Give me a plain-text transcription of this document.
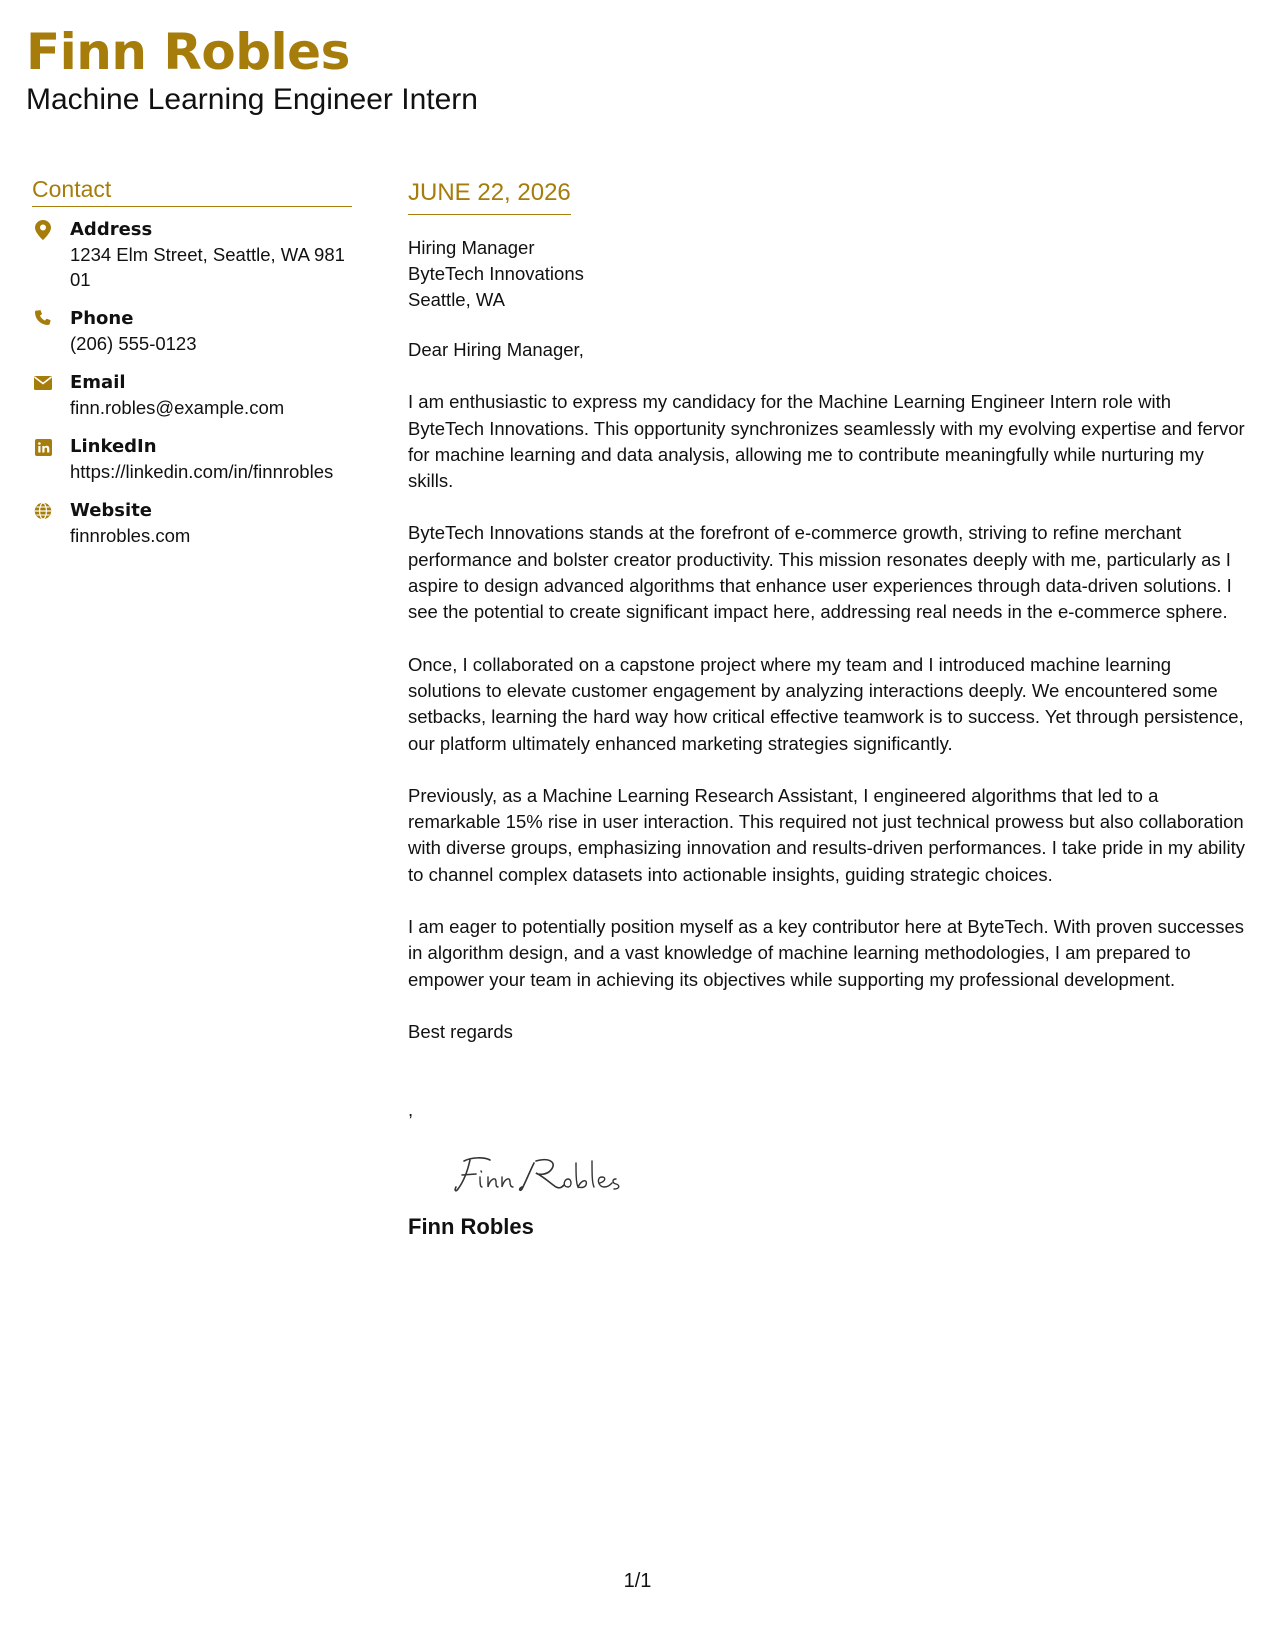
Finn Robles
Machine Learning Engineer Intern
Contact
Address
1234 Elm Street, Seattle, WA 98101
Phone
(206) 555-0123
Email
finn.robles@example.com
LinkedIn
https://linkedin.com/in/finnrobles
Website
finnrobles.com
JUNE 22, 2026
Hiring Manager
ByteTech Innovations
Seattle, WA

Dear Hiring Manager,

I am enthusiastic to express my candidacy for the Machine Learning Engineer Intern role with ByteTech Innovations. This opportunity synchronizes seamlessly with my evolving expertise and fervor for machine learning and data analysis, allowing me to contribute meaningfully while nurturing my skills.

ByteTech Innovations stands at the forefront of e-commerce growth, striving to refine merchant performance and bolster creator productivity. This mission resonates deeply with me, particularly as I aspire to design advanced algorithms that enhance user experiences through data-driven solutions. I see the potential to create significant impact here, addressing real needs in the e-commerce sphere.

Once, I collaborated on a capstone project where my team and I introduced machine learning solutions to elevate customer engagement by analyzing interactions deeply. We encountered some setbacks, learning the hard way how critical effective teamwork is to success. Yet through persistence, our platform ultimately enhanced marketing strategies significantly.

Previously, as a Machine Learning Research Assistant, I engineered algorithms that led to a remarkable 15% rise in user interaction. This required not just technical prowess but also collaboration with diverse groups, emphasizing innovation and results-driven performances. I take pride in my ability to channel complex datasets into actionable insights, guiding strategic choices.

I am eager to potentially position myself as a key contributor here at ByteTech. With proven successes in algorithm design, and a vast knowledge of machine learning methodologies, I am prepared to empower your team in achieving its objectives while supporting my professional development.

Best regards

,
Finn Robles
1/1
